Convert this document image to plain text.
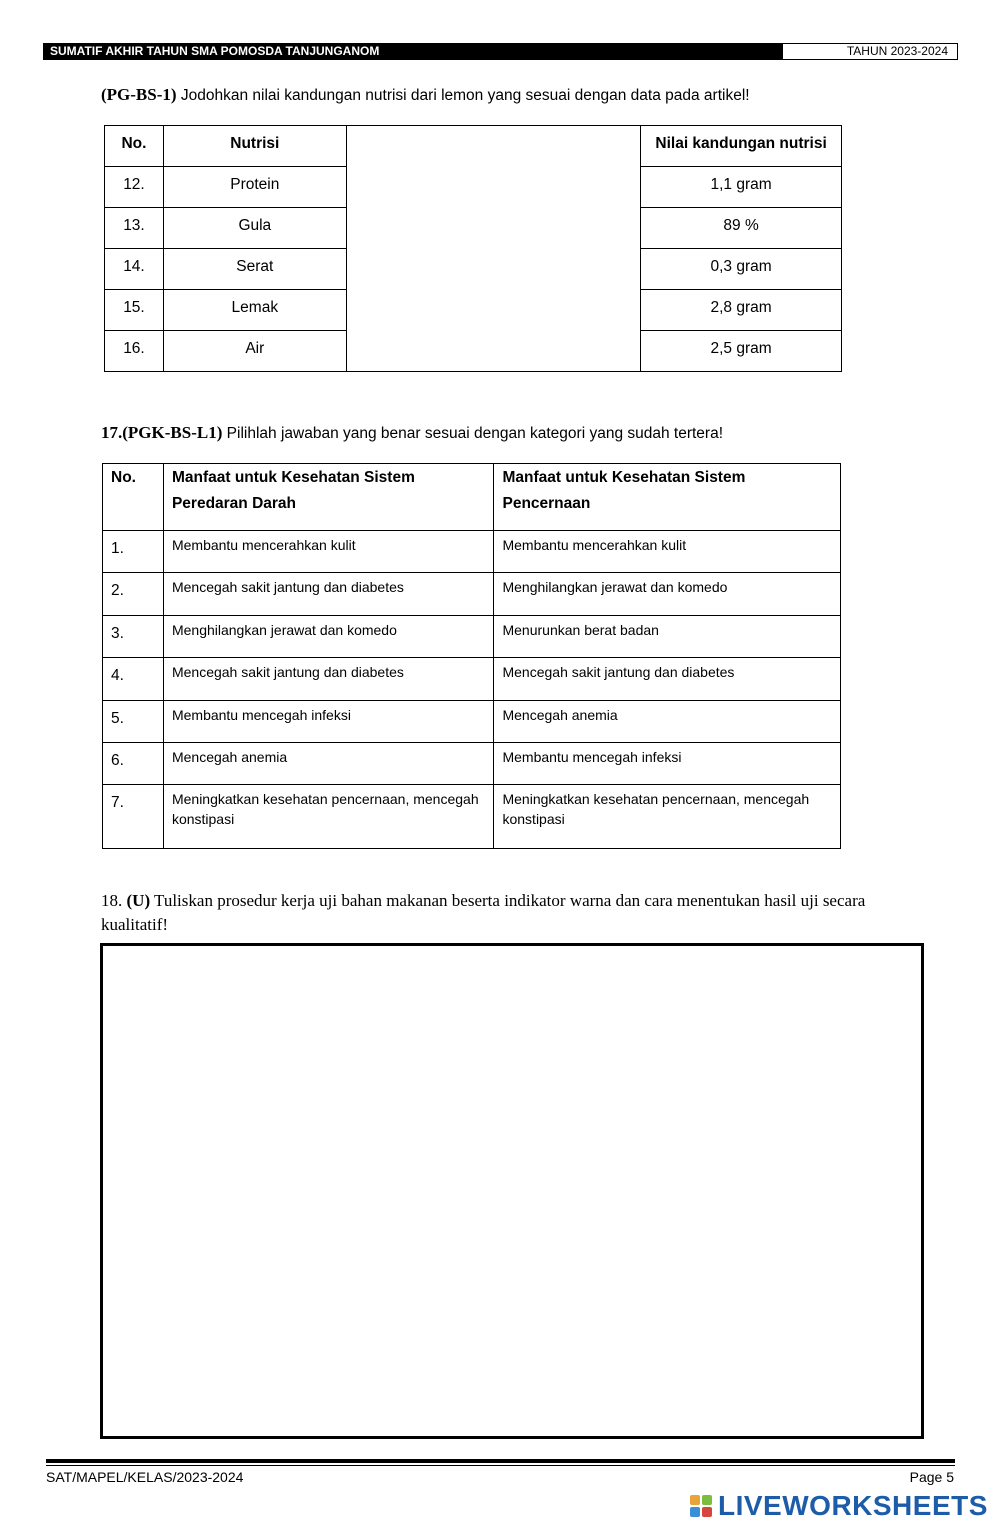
SUMATIF AKHIR TAHUN SMA POMOSDA TANJUNGANOM	TAHUN 2023-2024
(PG-BS-1) Jodohkan nilai kandungan nutrisi dari lemon yang sesuai dengan data pada artikel!
No.	Nutrisi		Nilai kandungan nutrisi
12.	Protein		1,1 gram
13.	Gula		89 %
14.	Serat		0,3 gram
15.	Lemak		2,8 gram
16.	Air		2,5 gram
17.(PGK-BS-L1) Pilihlah jawaban yang benar sesuai dengan kategori yang sudah tertera!
No.	Manfaat untuk Kesehatan Sistem Peredaran Darah	Manfaat untuk Kesehatan Sistem Pencernaan
1.	Membantu mencerahkan kulit	Membantu mencerahkan kulit
2.	Mencegah sakit jantung dan diabetes	Menghilangkan jerawat dan komedo
3.	Menghilangkan jerawat dan komedo	Menurunkan berat badan
4.	Mencegah sakit jantung dan diabetes	Mencegah sakit jantung dan diabetes
5.	Membantu mencegah infeksi	Mencegah anemia
6.	Mencegah anemia	Membantu mencegah infeksi
7.	Meningkatkan kesehatan pencernaan, mencegah konstipasi	Meningkatkan kesehatan pencernaan, mencegah konstipasi
18. (U) Tuliskan prosedur kerja uji bahan makanan beserta indikator warna dan cara menentukan hasil uji secara kualitatif!
SAT/MAPEL/KELAS/2023-2024	Page 5
LIVEWORKSHEETS
